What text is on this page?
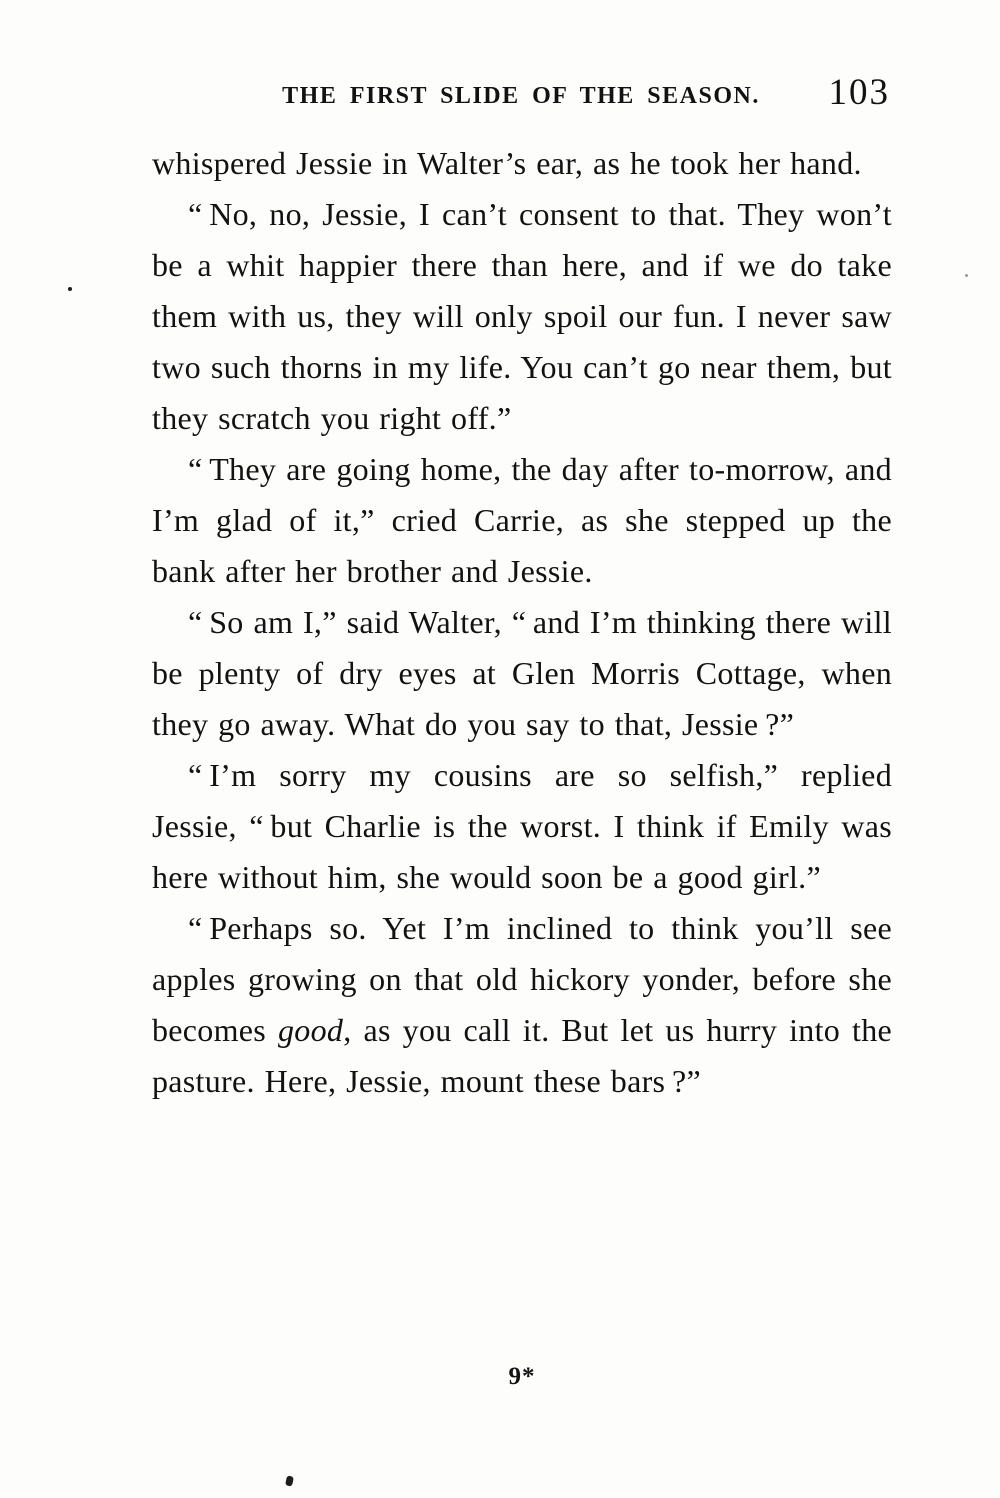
THE FIRST SLIDE OF THE SEASON. 103

whispered Jessie in Walter’s ear, as he took her hand.

“ No, no, Jessie, I can’t consent to that. They won’t be a whit happier there than here, and if we do take them with us, they will only spoil our fun. I never saw two such thorns in my life. You can’t go near them, but they scratch you right off.”

“ They are going home, the day after to-morrow, and I’m glad of it,” cried Carrie, as she stepped up the bank after her brother and Jessie.

“ So am I,” said Walter, “ and I’m thinking there will be plenty of dry eyes at Glen Morris Cottage, when they go away. What do you say to that, Jessie ?”

“ I’m sorry my cousins are so selfish,” replied Jessie, “ but Charlie is the worst. I think if Emily was here without him, she would soon be a good girl.”

“ Perhaps so. Yet I’m inclined to think you’ll see apples growing on that old hickory yonder, before she becomes good, as you call it. But let us hurry into the pasture. Here, Jessie, mount these bars ?”

9*
